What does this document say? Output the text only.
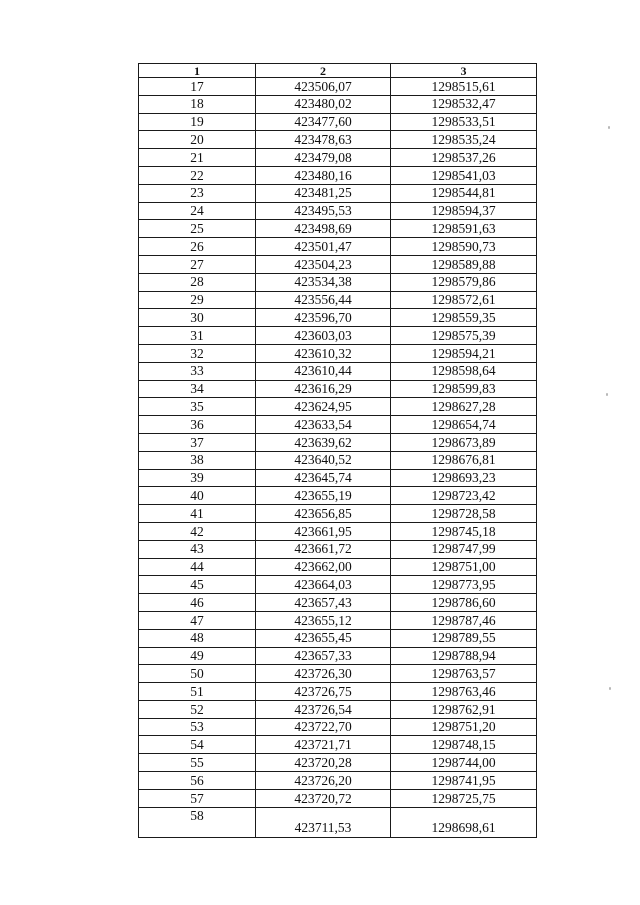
1	2	3
17	423506,07	1298515,61
18	423480,02	1298532,47
19	423477,60	1298533,51
20	423478,63	1298535,24
21	423479,08	1298537,26
22	423480,16	1298541,03
23	423481,25	1298544,81
24	423495,53	1298594,37
25	423498,69	1298591,63
26	423501,47	1298590,73
27	423504,23	1298589,88
28	423534,38	1298579,86
29	423556,44	1298572,61
30	423596,70	1298559,35
31	423603,03	1298575,39
32	423610,32	1298594,21
33	423610,44	1298598,64
34	423616,29	1298599,83
35	423624,95	1298627,28
36	423633,54	1298654,74
37	423639,62	1298673,89
38	423640,52	1298676,81
39	423645,74	1298693,23
40	423655,19	1298723,42
41	423656,85	1298728,58
42	423661,95	1298745,18
43	423661,72	1298747,99
44	423662,00	1298751,00
45	423664,03	1298773,95
46	423657,43	1298786,60
47	423655,12	1298787,46
48	423655,45	1298789,55
49	423657,33	1298788,94
50	423726,30	1298763,57
51	423726,75	1298763,46
52	423726,54	1298762,91
53	423722,70	1298751,20
54	423721,71	1298748,15
55	423720,28	1298744,00
56	423726,20	1298741,95
57	423720,72	1298725,75
58	423711,53	1298698,61
